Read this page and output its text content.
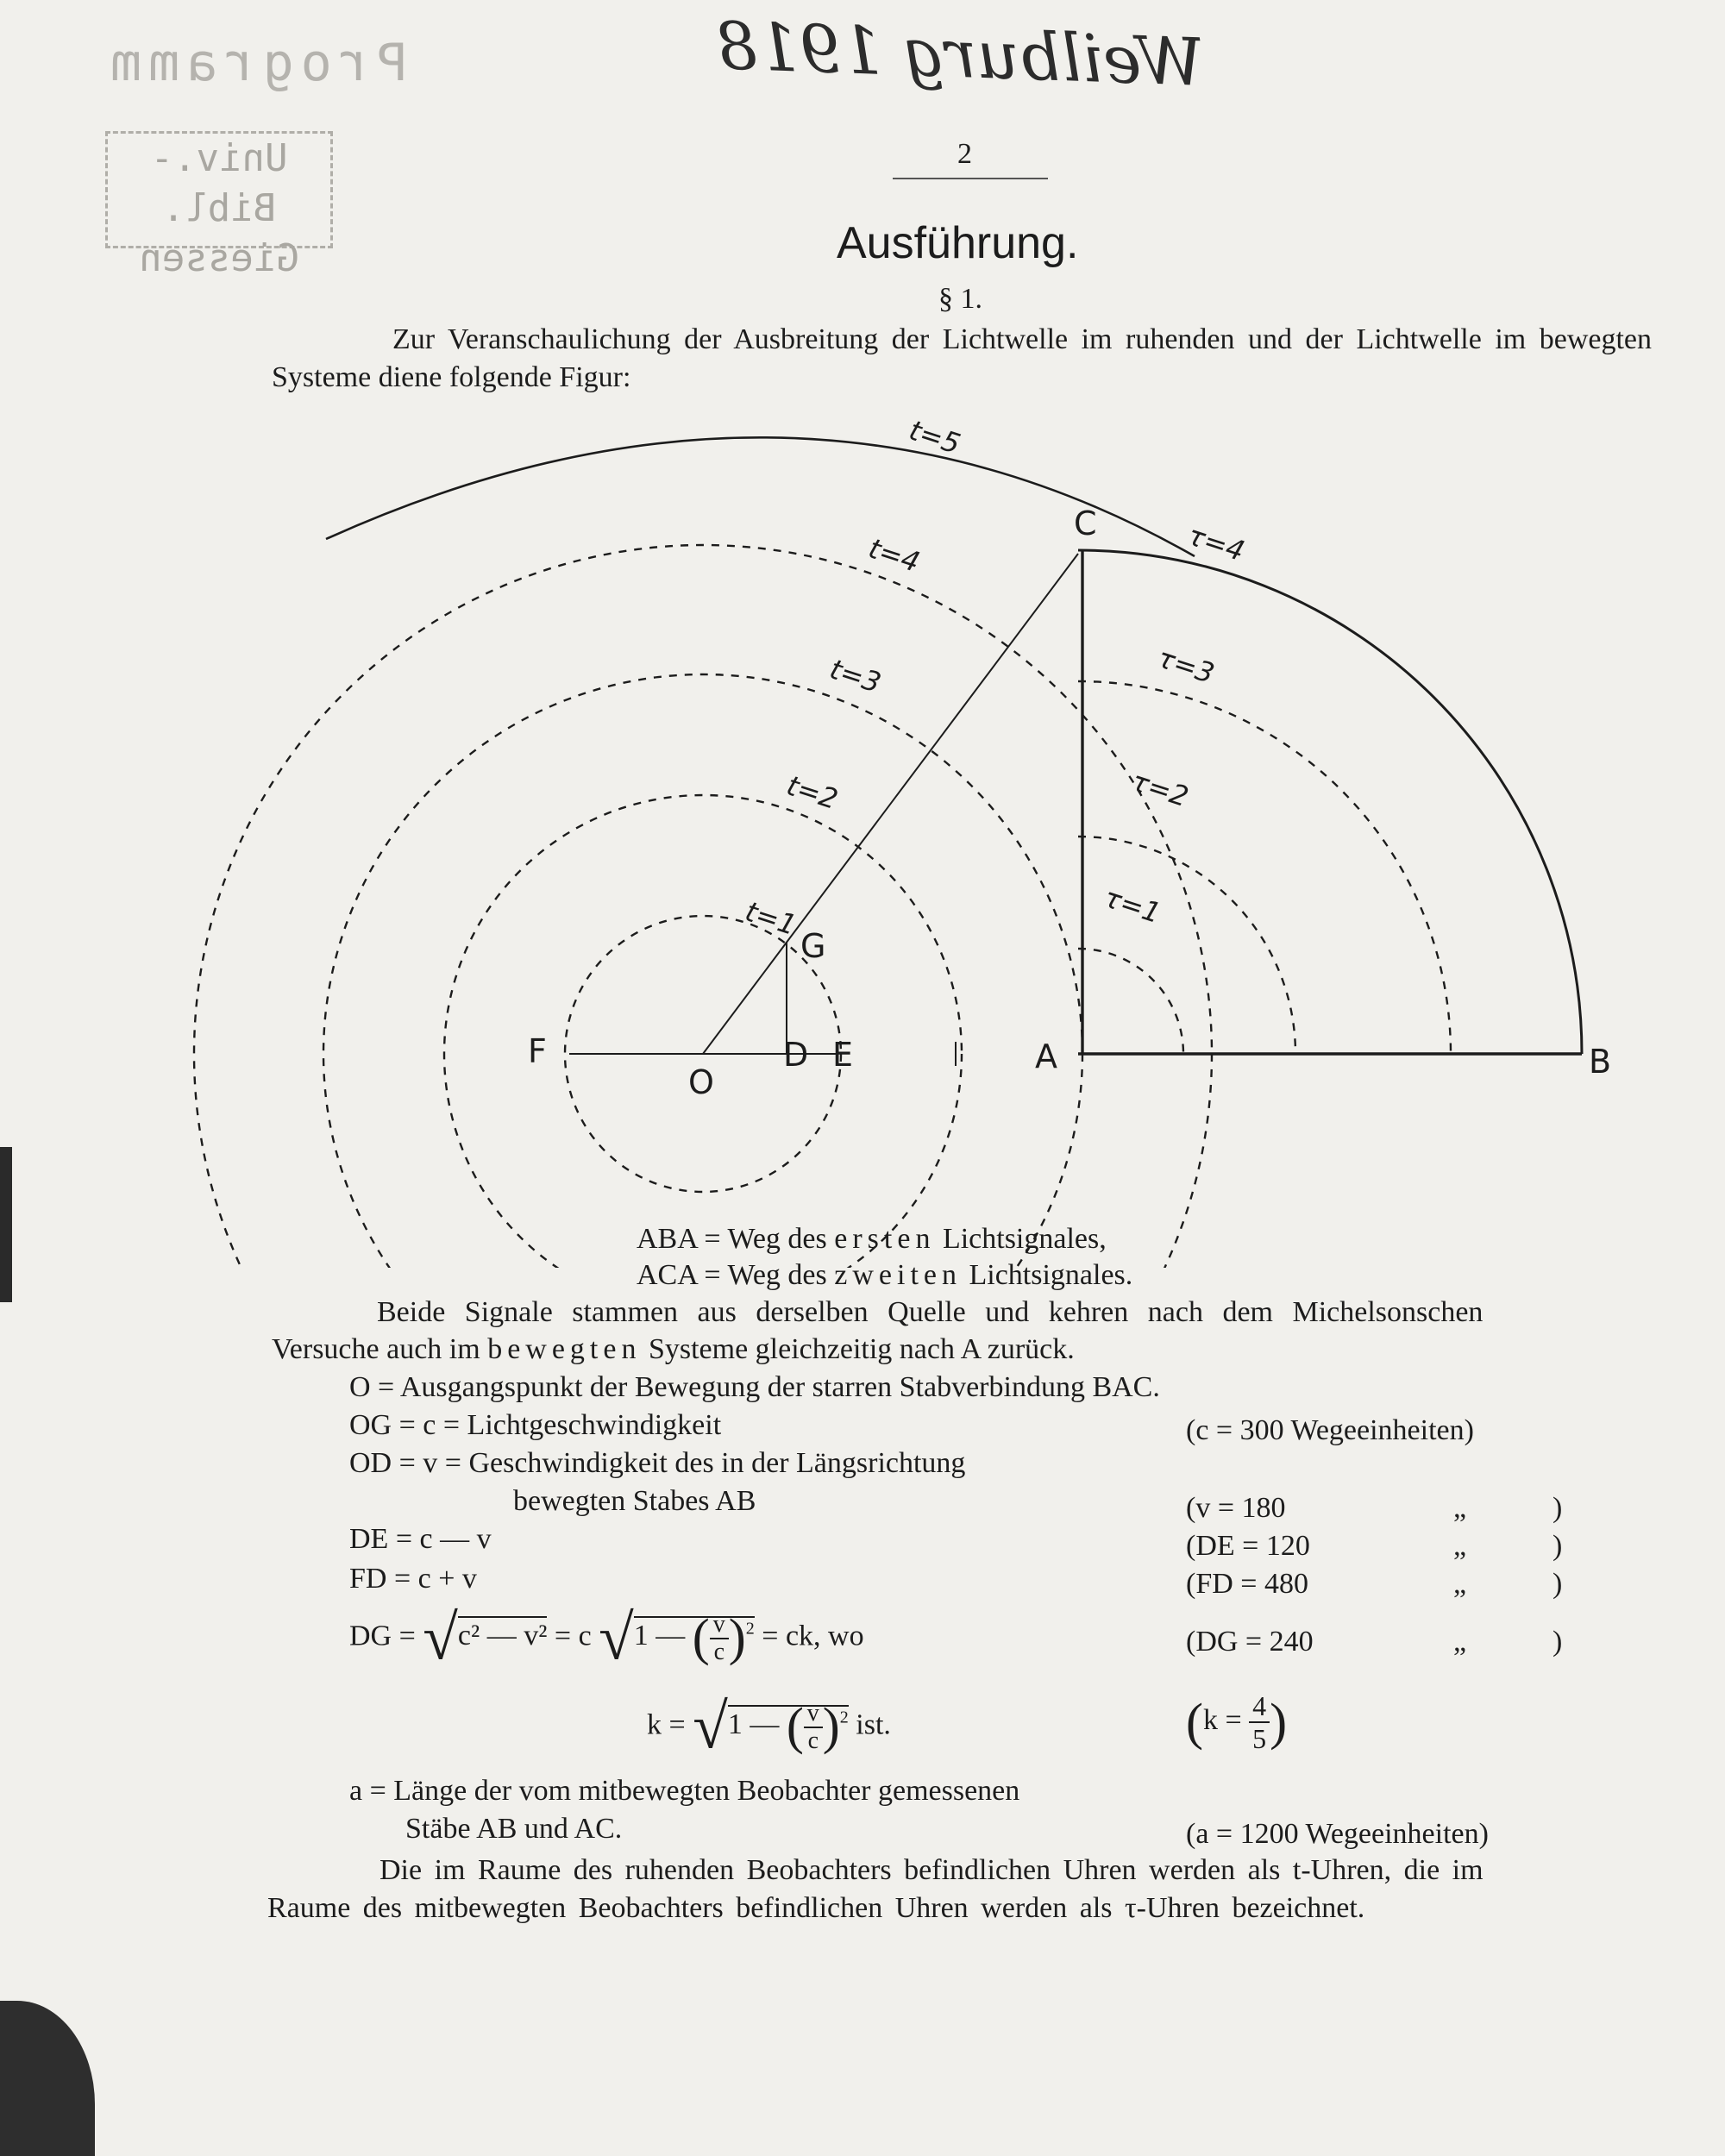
Programm
Univ.-Bibl. Giessen
Weilburg 1918
2
Ausführung.
§ 1.
Zur Veranschaulichung der Ausbreitung der Lichtwelle im ruhenden und der Lichtwelle im bewegten Systeme diene folgende Figur:
C
G
F
O
D E	A	B
t=1
t=2
t=3
t=4
t=5
τ=1
τ=2
τ=3
τ=4
ABA = Weg des ersten Lichtsignales,
ACA = Weg des zweiten Lichtsignales.
Beide Signale stammen aus derselben Quelle und kehren nach dem Michelsonschen
Versuche auch im bewegten Systeme gleichzeitig nach A zurück.
O = Ausgangspunkt der Bewegung der starren Stabverbindung BAC.
OG = c = Lichtgeschwindigkeit	(c = 300 Wegeeinheiten)
OD = v = Geschwindigkeit des in der Längsrichtung
bewegten Stabes AB	(v = 180	„	)
DE = c — v	(DE = 120	„	)
FD = c + v	(FD = 480	„	)
DG = √c² — v² = c √1 — ( $\frac{v}{c} )^2$ = ck, wo	(DG = 240	„	)
k = √1 — ( $\frac{v}{c} )^2$ ist.	($k = \frac{4}{5}$ )
a = Länge der vom mitbewegten Beobachter gemessenen
Stäbe AB und AC.	(a = 1200 Wegeeinheiten)
Die im Raume des ruhenden Beobachters befindlichen Uhren werden als t-Uhren, die im
Raume des mitbewegten Beobachters befindlichen Uhren werden als τ-Uhren bezeichnet.
